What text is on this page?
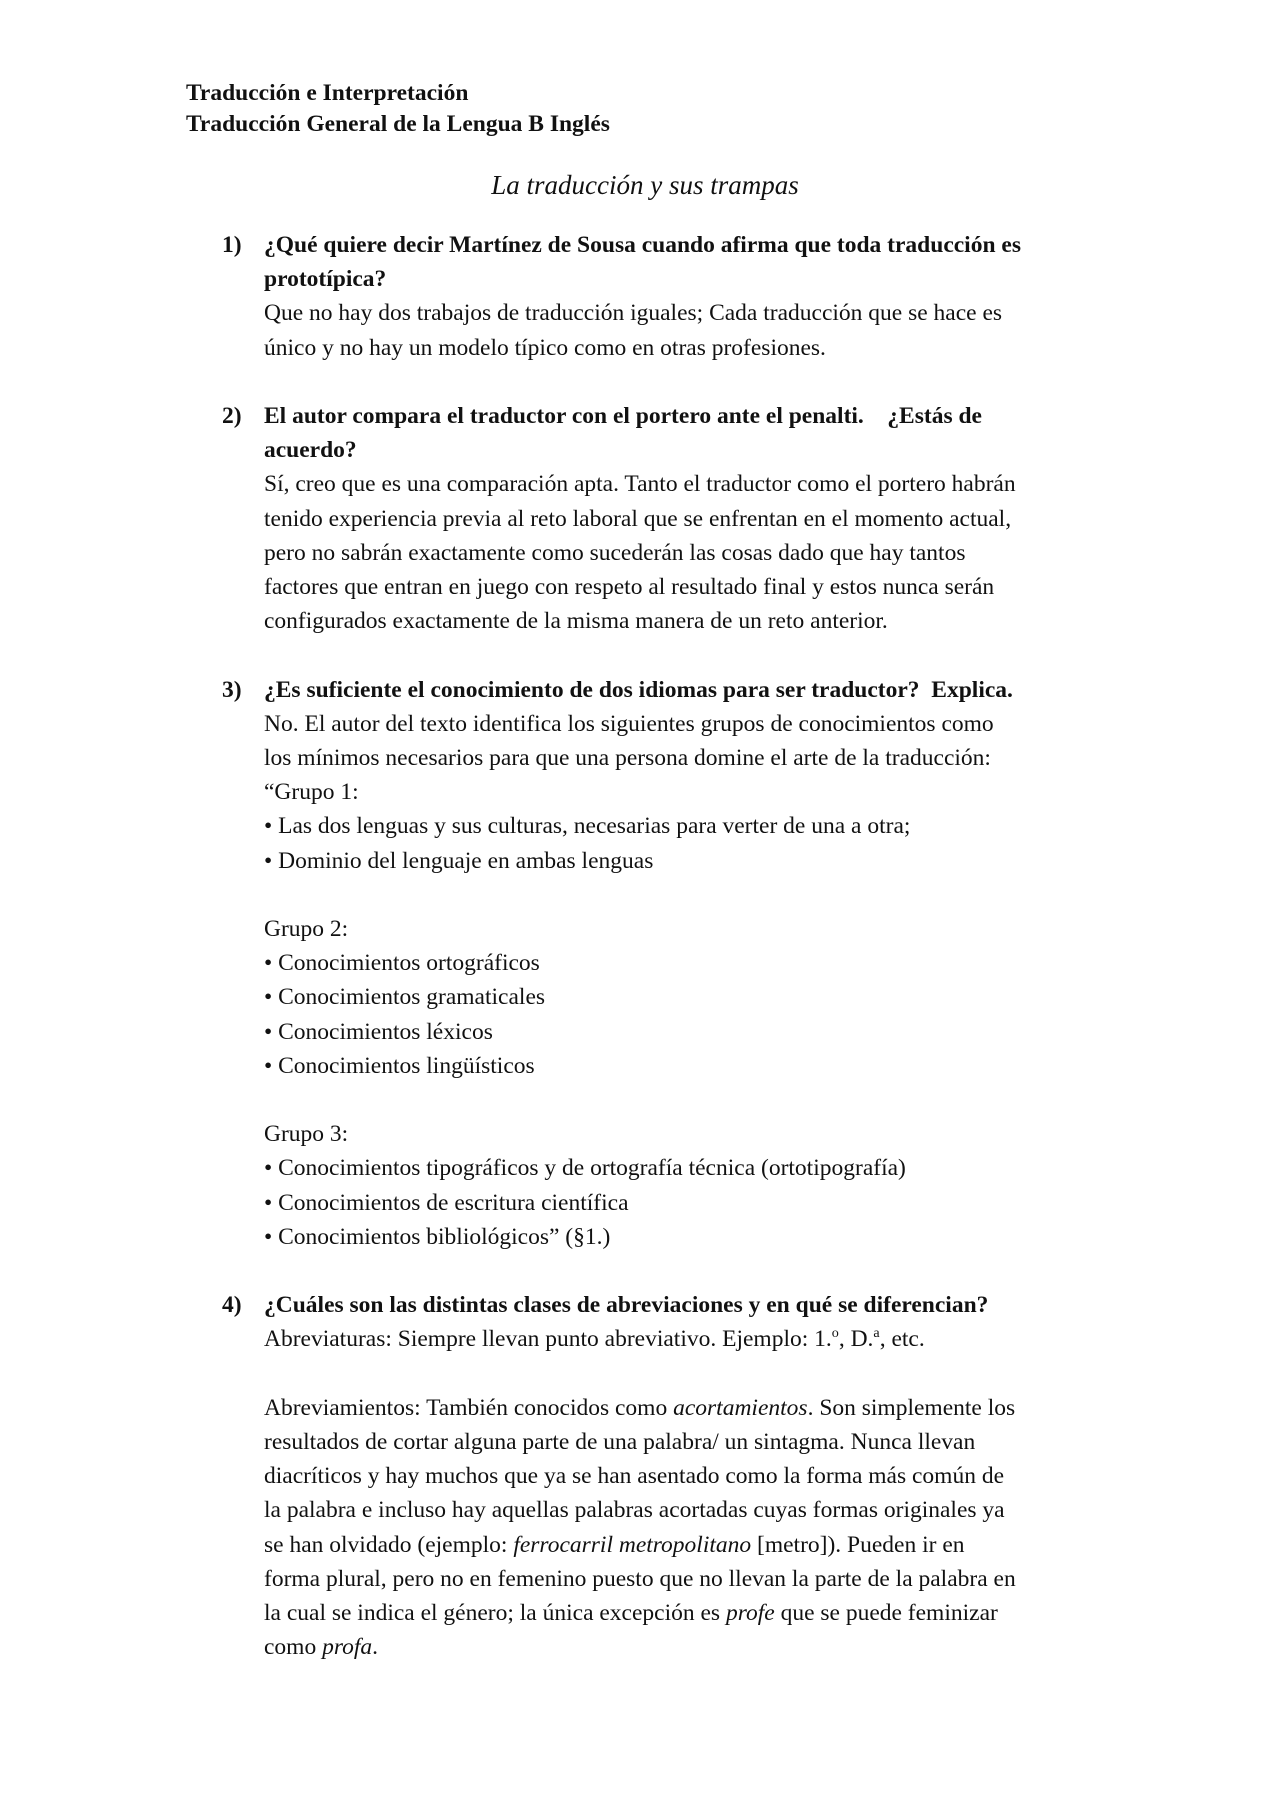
Traducción e Interpretación
Traducción General de la Lengua B Inglés
La traducción y sus trampas
1) ¿Qué quiere decir Martínez de Sousa cuando afirma que toda traducción es
prototípica?
Que no hay dos trabajos de traducción iguales; Cada traducción que se hace es
único y no hay un modelo típico como en otras profesiones.
2) El autor compara el traductor con el portero ante el penalti.    ¿Estás de
acuerdo?
Sí, creo que es una comparación apta. Tanto el traductor como el portero habrán
tenido experiencia previa al reto laboral que se enfrentan en el momento actual,
pero no sabrán exactamente como sucederán las cosas dado que hay tantos
factores que entran en juego con respeto al resultado final y estos nunca serán
configurados exactamente de la misma manera de un reto anterior.
3) ¿Es suficiente el conocimiento de dos idiomas para ser traductor?  Explica.
No. El autor del texto identifica los siguientes grupos de conocimientos como
los mínimos necesarios para que una persona domine el arte de la traducción:
“Grupo 1:
• Las dos lenguas y sus culturas, necesarias para verter de una a otra;
• Dominio del lenguaje en ambas lenguas
Grupo 2:
• Conocimientos ortográficos
• Conocimientos gramaticales
• Conocimientos léxicos
• Conocimientos lingüísticos
Grupo 3:
• Conocimientos tipográficos y de ortografía técnica (ortotipografía)
• Conocimientos de escritura científica
• Conocimientos bibliológicos” (§1.)
4) ¿Cuáles son las distintas clases de abreviaciones y en qué se diferencian?
Abreviaturas: Siempre llevan punto abreviativo. Ejemplo: 1.$^o$, D.$^a$, etc.
Abreviamientos: También conocidos como acortamientos. Son simplemente los
resultados de cortar alguna parte de una palabra/ un sintagma. Nunca llevan
diacríticos y hay muchos que ya se han asentado como la forma más común de
la palabra e incluso hay aquellas palabras acortadas cuyas formas originales ya
se han olvidado (ejemplo: ferrocarril metropolitano [metro]). Pueden ir en
forma plural, pero no en femenino puesto que no llevan la parte de la palabra en
la cual se indica el género; la única excepción es profe que se puede feminizar
como profa.
